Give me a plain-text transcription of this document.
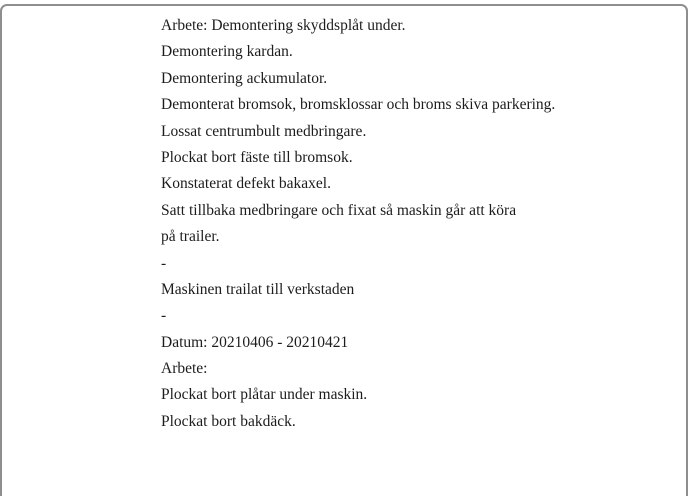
Arbete: Demontering skyddsplåt under.
Demontering kardan.
Demontering ackumulator.
Demonterat bromsok, bromsklossar och broms skiva parkering.
Lossat centrumbult medbringare.
Plockat bort fäste till bromsok.
Konstaterat defekt bakaxel.
Satt tillbaka medbringare och fixat så maskin går att köra
på trailer.
-
Maskinen trailat till verkstaden
-
Datum: 20210406 - 20210421
Arbete:
Plockat bort plåtar under maskin.
Plockat bort bakdäck.
